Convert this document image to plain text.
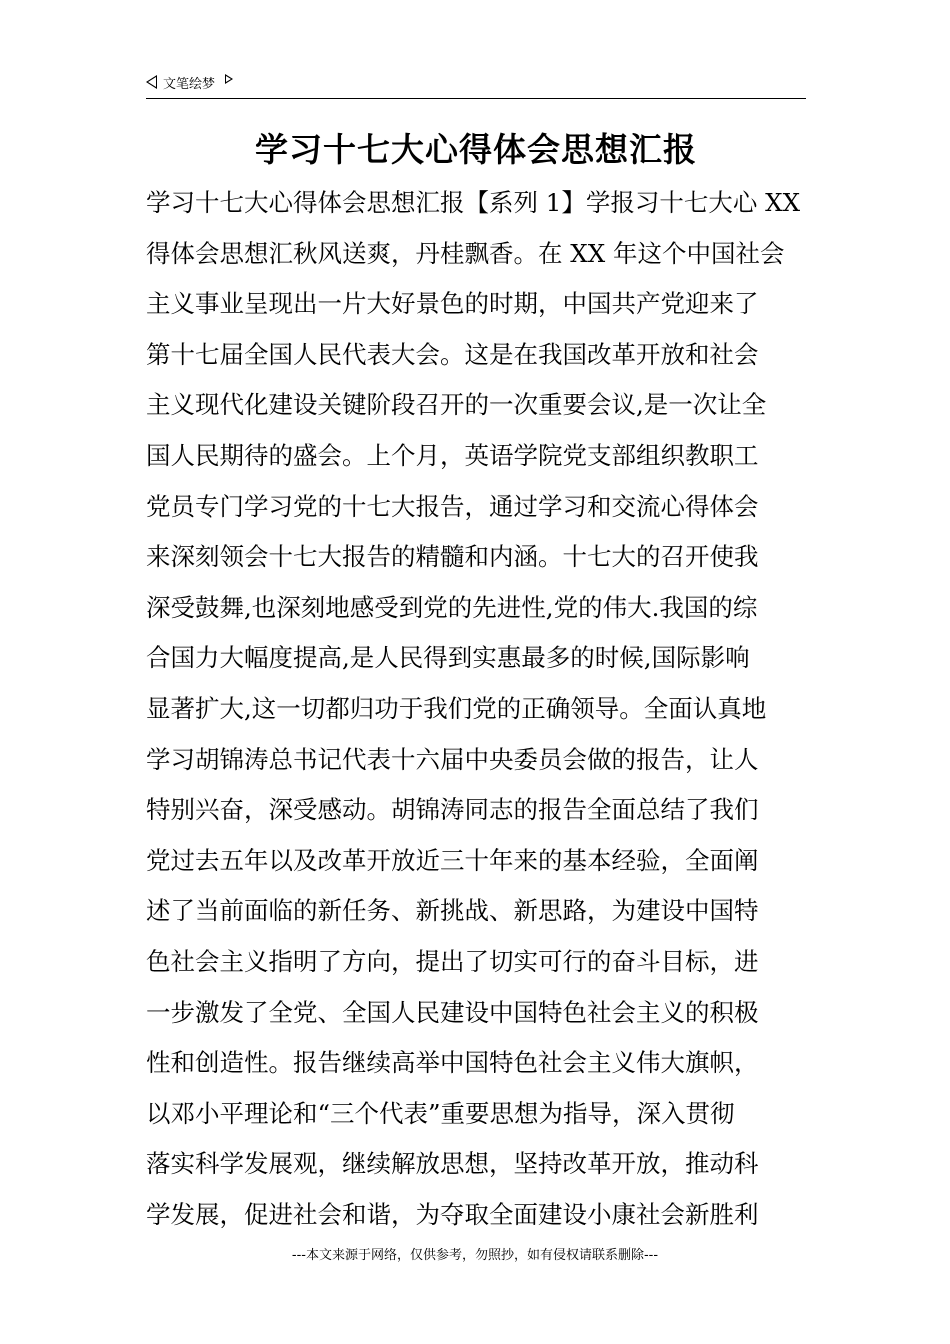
文笔绘梦
学习十七大心得体会思想汇报
学习十七大心得体会思想汇报【系列 1】学报习十七大心 XX
得体会思想汇秋风送爽，丹桂飘香。在 XX 年这个中国社会
主义事业呈现出一片大好景色的时期，中国共产党迎来了
第十七届全国人民代表大会。这是在我国改革开放和社会
主义现代化建设关键阶段召开的一次重要会议,是一次让全
国人民期待的盛会。上个月，英语学院党支部组织教职工
党员专门学习党的十七大报告，通过学习和交流心得体会
来深刻领会十七大报告的精髓和内涵。十七大的召开使我
深受鼓舞,也深刻地感受到党的先进性,党的伟大.我国的综
合国力大幅度提高,是人民得到实惠最多的时候,国际影响
显著扩大,这一切都归功于我们党的正确领导。全面认真地
学习胡锦涛总书记代表十六届中央委员会做的报告，让人
特别兴奋，深受感动。胡锦涛同志的报告全面总结了我们
党过去五年以及改革开放近三十年来的基本经验，全面阐
述了当前面临的新任务、新挑战、新思路，为建设中国特
色社会主义指明了方向，提出了切实可行的奋斗目标，进
一步激发了全党、全国人民建设中国特色社会主义的积极
性和创造性。报告继续高举中国特色社会主义伟大旗帜，
以邓小平理论和“三个代表”重要思想为指导，深入贯彻
落实科学发展观，继续解放思想，坚持改革开放，推动科
学发展，促进社会和谐，为夺取全面建设小康社会新胜利
---本文来源于网络，仅供参考，勿照抄，如有侵权请联系删除---
